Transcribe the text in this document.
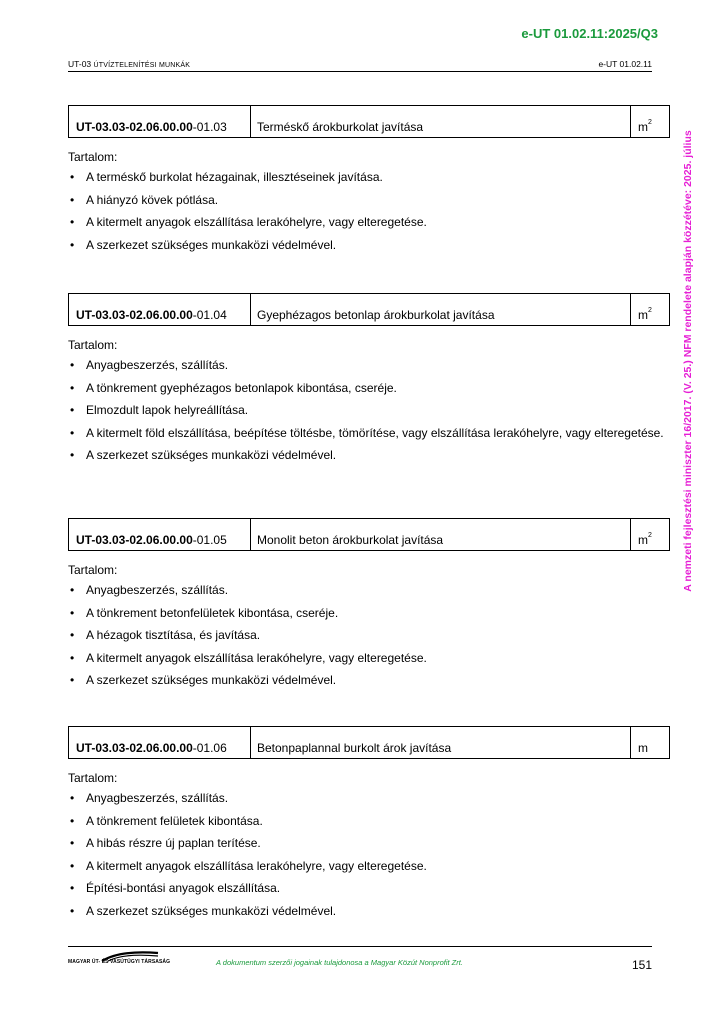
e-UT 01.02.11:2025/Q3
UT-03 ÚTVÍZTELENÍTÉSI MUNKÁK	e-UT 01.02.11
A nemzeti fejlesztési miniszter 16/2017. (V. 25.) NFM rendelete alapján közzétéve: 2025. július
UT-03.03-02.06.00.00-01.03	Terméskő árokburkolat javítása	$m^2$
Tartalom:
• A terméskő burkolat hézagainak, illesztéseinek javítása.
• A hiányzó kövek pótlása.
• A kitermelt anyagok elszállítása lerakóhelyre, vagy elteregetése.
• A szerkezet szükséges munkaközi védelmével.
UT-03.03-02.06.00.00-01.04	Gyephézagos betonlap árokburkolat javítása	$m^2$
Tartalom:
• Anyagbeszerzés, szállítás.
• A tönkrement gyephézagos betonlapok kibontása, cseréje.
• Elmozdult lapok helyreállítása.
• A kitermelt föld elszállítása, beépítése töltésbe, tömörítése, vagy elszállítása lerakóhelyre, vagy elteregetése.
• A szerkezet szükséges munkaközi védelmével.
UT-03.03-02.06.00.00-01.05	Monolit beton árokburkolat javítása	$m^2$
Tartalom:
• Anyagbeszerzés, szállítás.
• A tönkrement betonfelületek kibontása, cseréje.
• A hézagok tisztítása, és javítása.
• A kitermelt anyagok elszállítása lerakóhelyre, vagy elteregetése.
• A szerkezet szükséges munkaközi védelmével.
UT-03.03-02.06.00.00-01.06	Betonpaplannal burkolt árok javítása	m
Tartalom:
• Anyagbeszerzés, szállítás.
• A tönkrement felületek kibontása.
• A hibás részre új paplan terítése.
• A kitermelt anyagok elszállítása lerakóhelyre, vagy elteregetése.
• Építési-bontási anyagok elszállítása.
• A szerkezet szükséges munkaközi védelmével.
MAGYAR ÚT- ÉS VASÚTÜGYI TÁRSASÁG	A dokumentum szerzői jogainak tulajdonosa a Magyar Közút Nonprofit Zrt.	151
